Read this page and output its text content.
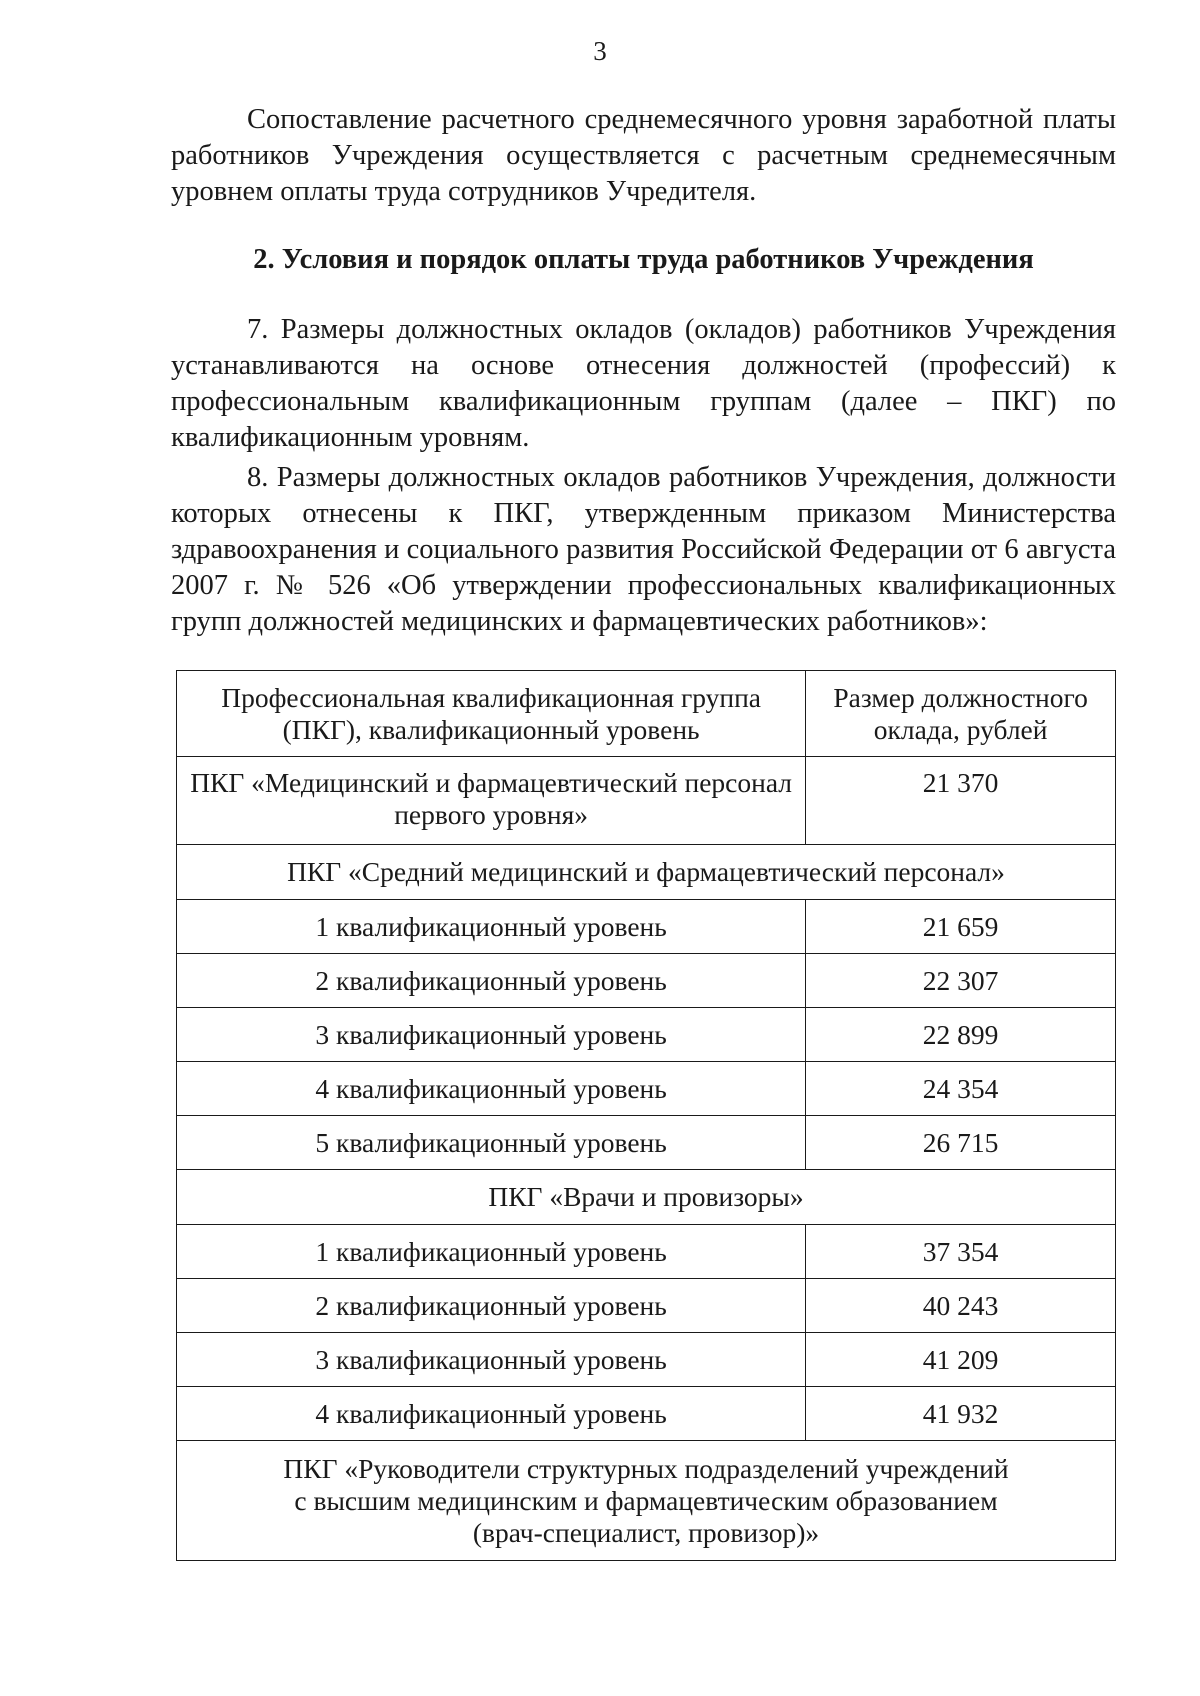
3

Сопоставление расчетного среднемесячного уровня заработной платы работников Учреждения осуществляется с расчетным среднемесячным уровнем оплаты труда сотрудников Учредителя.

2. Условия и порядок оплаты труда работников Учреждения

7. Размеры должностных окладов (окладов) работников Учреждения устанавливаются на основе отнесения должностей (профессий) к профессиональным квалификационным группам (далее – ПКГ) по квалификационным уровням.

8. Размеры должностных окладов работников Учреждения, должности которых отнесены к ПКГ, утвержденным приказом Министерства здравоохранения и социального развития Российской Федерации от 6 августа 2007 г. № 526 «Об утверждении профессиональных квалификационных групп должностей медицинских и фармацевтических работников»:

Профессиональная квалификационная группа (ПКГ), квалификационный уровень	Размер должностного оклада, рублей
ПКГ «Медицинский и фармацевтический персонал первого уровня»	21 370
ПКГ «Средний медицинский и фармацевтический персонал»	
1 квалификационный уровень	21 659
2 квалификационный уровень	22 307
3 квалификационный уровень	22 899
4 квалификационный уровень	24 354
5 квалификационный уровень	26 715
ПКГ «Врачи и провизоры»	
1 квалификационный уровень	37 354
2 квалификационный уровень	40 243
3 квалификационный уровень	41 209
4 квалификационный уровень	41 932
ПКГ «Руководители структурных подразделений учреждений
с высшим медицинским и фармацевтическим образованием
(врач-специалист, провизор)»	
